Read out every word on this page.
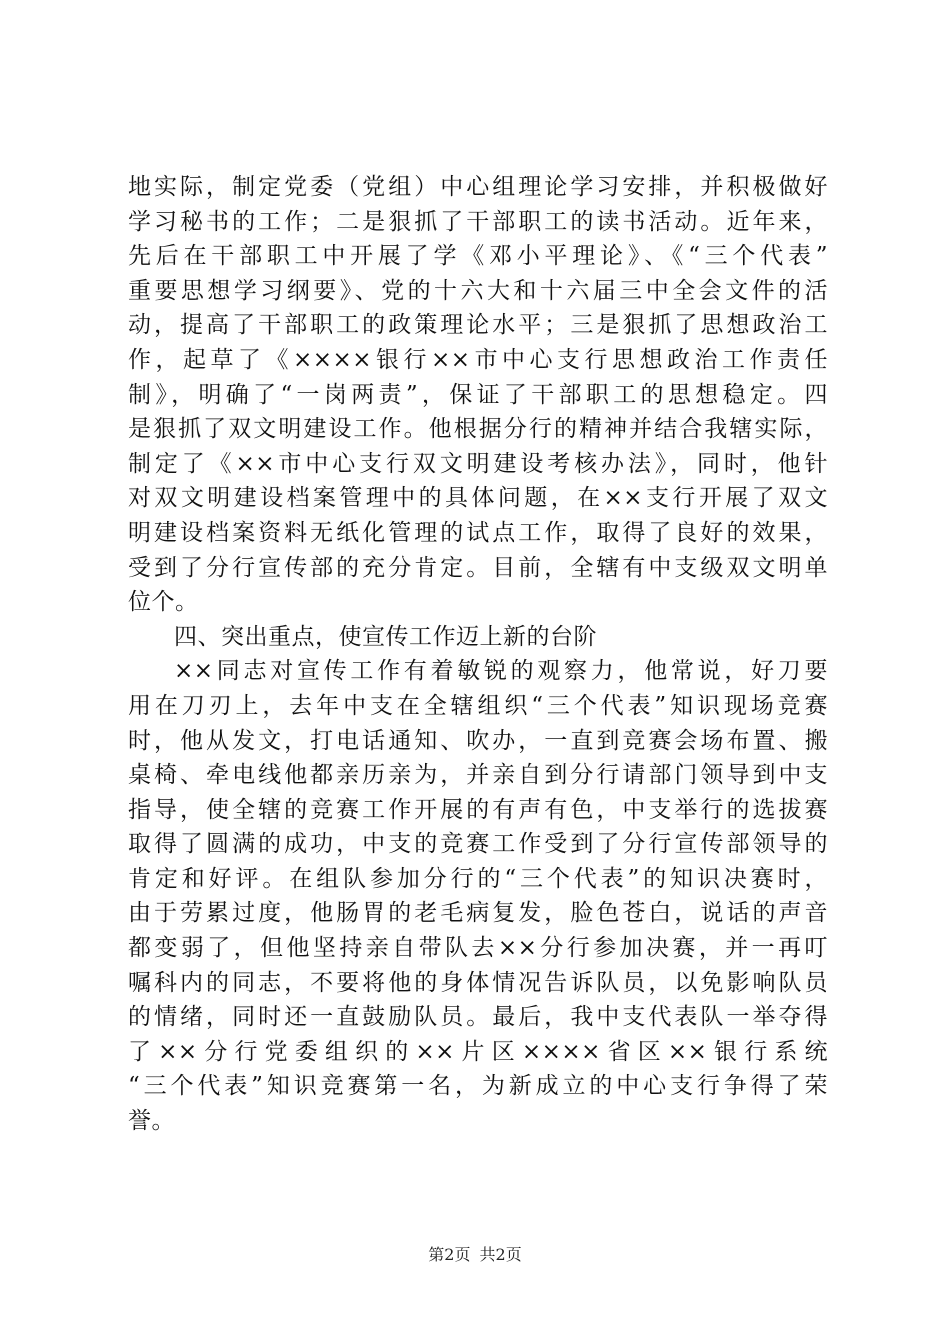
地实际，制定党委（党组）中心组理论学习安排，并积极做好
学习秘书的工作；二是狠抓了干部职工的读书活动。近年来，
先后在干部职工中开展了学《邓小平理论》、《“三个代表”
重要思想学习纲要》、党的十六大和十六届三中全会文件的活
动，提高了干部职工的政策理论水平；三是狠抓了思想政治工
作，起草了《××××银行××市中心支行思想政治工作责任
制》，明确了“一岗两责”，保证了干部职工的思想稳定。四
是狠抓了双文明建设工作。他根据分行的精神并结合我辖实际，
制定了《××市中心支行双文明建设考核办法》，同时，他针
对双文明建设档案管理中的具体问题，在××支行开展了双文
明建设档案资料无纸化管理的试点工作，取得了良好的效果，
受到了分行宣传部的充分肯定。目前，全辖有中支级双文明单
位个。
四、突出重点，使宣传工作迈上新的台阶
××同志对宣传工作有着敏锐的观察力，他常说，好刀要
用在刀刃上，去年中支在全辖组织“三个代表”知识现场竞赛
时，他从发文，打电话通知、吹办，一直到竞赛会场布置、搬
桌椅、牵电线他都亲历亲为，并亲自到分行请部门领导到中支
指导，使全辖的竞赛工作开展的有声有色，中支举行的选拔赛
取得了圆满的成功，中支的竞赛工作受到了分行宣传部领导的
肯定和好评。在组队参加分行的“三个代表”的知识决赛时，
由于劳累过度，他肠胃的老毛病复发，脸色苍白，说话的声音
都变弱了，但他坚持亲自带队去××分行参加决赛，并一再叮
嘱科内的同志，不要将他的身体情况告诉队员，以免影响队员
的情绪，同时还一直鼓励队员。最后，我中支代表队一举夺得
了××分行党委组织的××片区××××省区××银行系统
“三个代表”知识竞赛第一名，为新成立的中心支行争得了荣
誉。
第2页 共2页
